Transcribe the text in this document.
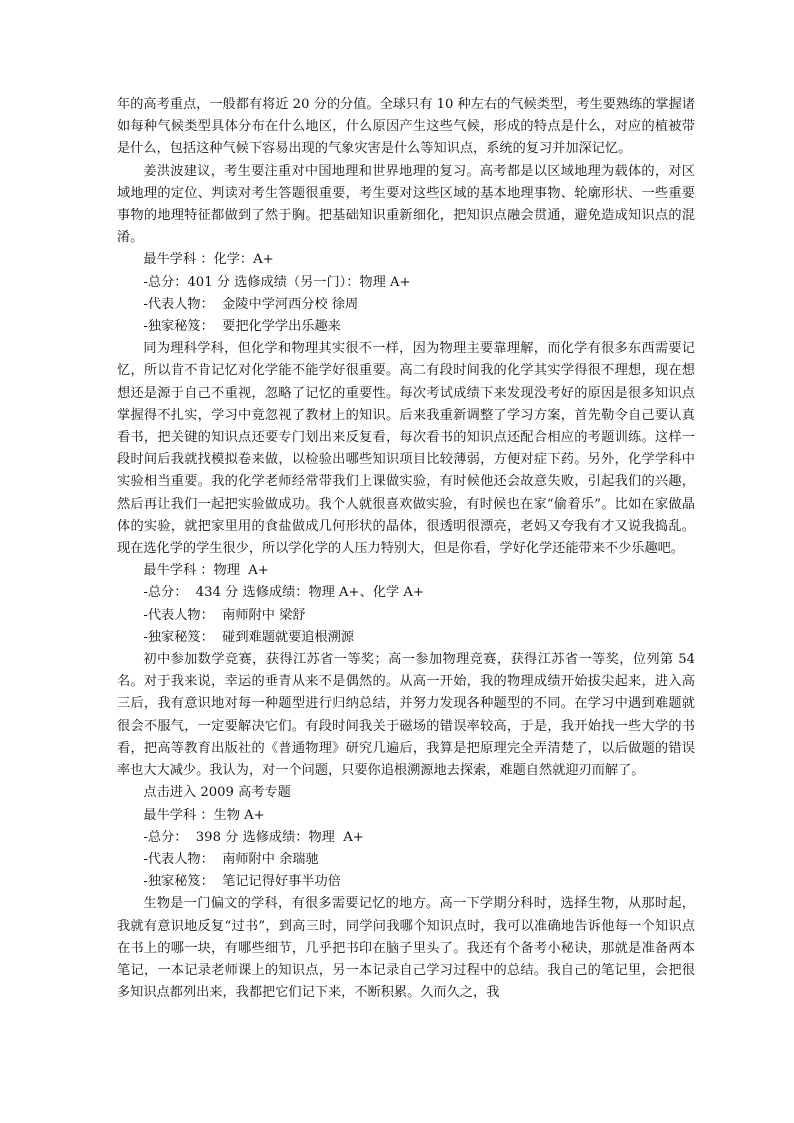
年的高考重点，一般都有将近 20 分的分值。全球只有 10 种左右的气候类型，考生要熟练的掌握诸如每种气候类型具体分布在什么地区，什么原因产生这些气候，形成的特点是什么，对应的植被带是什么，包括这种气候下容易出现的气象灾害是什么等知识点，系统的复习并加深记忆。

姜洪波建议，考生要注重对中国地理和世界地理的复习。高考都是以区域地理为载体的，对区域地理的定位、判读对考生答题很重要，考生要对这些区域的基本地理事物、轮廓形状、一些重要事物的地理特征都做到了然于胸。把基础知识重新细化，把知识点融会贯通，避免造成知识点的混淆。

最牛学科 ：化学：A+

-总分：401 分 选修成绩（另一门）：物理 A+

-代表人物：  金陵中学河西分校 徐周

-独家秘笈：  要把化学学出乐趣来

同为理科学科，但化学和物理其实很不一样，因为物理主要靠理解，而化学有很多东西需要记忆，所以肯不肯记忆对化学能不能学好很重要。高二有段时间我的化学其实学得很不理想，现在想想还是源于自己不重视，忽略了记忆的重要性。每次考试成绩下来发现没考好的原因是很多知识点掌握得不扎实，学习中竟忽视了教材上的知识。后来我重新调整了学习方案，首先勒令自己要认真看书，把关键的知识点还要专门划出来反复看，每次看书的知识点还配合相应的考题训练。这样一段时间后我就找模拟卷来做，以检验出哪些知识项目比较薄弱，方便对症下药。另外，化学学科中实验相当重要。我的化学老师经常带我们上课做实验，有时候他还会故意失败，引起我们的兴趣，然后再让我们一起把实验做成功。我个人就很喜欢做实验，有时候也在家“偷着乐”。比如在家做晶体的实验，就把家里用的食盐做成几何形状的晶体，很透明很漂亮，老妈又夸我有才又说我捣乱。现在选化学的学生很少，所以学化学的人压力特别大，但是你看，学好化学还能带来不少乐趣吧。

最牛学科 ：物理  A+

-总分：  434 分 选修成绩：物理 A+、化学 A+

-代表人物：  南师附中 梁舒

-独家秘笈：  碰到难题就要追根溯源

初中参加数学竞赛，获得江苏省一等奖；高一参加物理竞赛，获得江苏省一等奖，位列第 54 名。对于我来说，幸运的垂青从来不是偶然的。从高一开始，我的物理成绩开始拔尖起来，进入高三后，我有意识地对每一种题型进行归纳总结，并努力发现各种题型的不同。在学习中遇到难题就很会不服气，一定要解决它们。有段时间我关于磁场的错误率较高，于是，我开始找一些大学的书看，把高等教育出版社的《普通物理》研究几遍后，我算是把原理完全弄清楚了，以后做题的错误率也大大减少。我认为，对一个问题，只要你追根溯源地去探索，难题自然就迎刃而解了。

点击进入 2009 高考专题

最牛学科 ：生物 A+

-总分：  398 分 选修成绩：物理  A+

-代表人物：  南师附中 余瑞驰

-独家秘笈：  笔记记得好事半功倍

生物是一门偏文的学科，有很多需要记忆的地方。高一下学期分科时，选择生物，从那时起，我就有意识地反复“过书”，到高三时，同学问我哪个知识点时，我可以准确地告诉他每一个知识点在书上的哪一块，有哪些细节，几乎把书印在脑子里头了。我还有个备考小秘诀，那就是准备两本笔记，一本记录老师课上的知识点，另一本记录自己学习过程中的总结。我自己的笔记里，会把很多知识点都列出来，我都把它们记下来，不断积累。久而久之，我
